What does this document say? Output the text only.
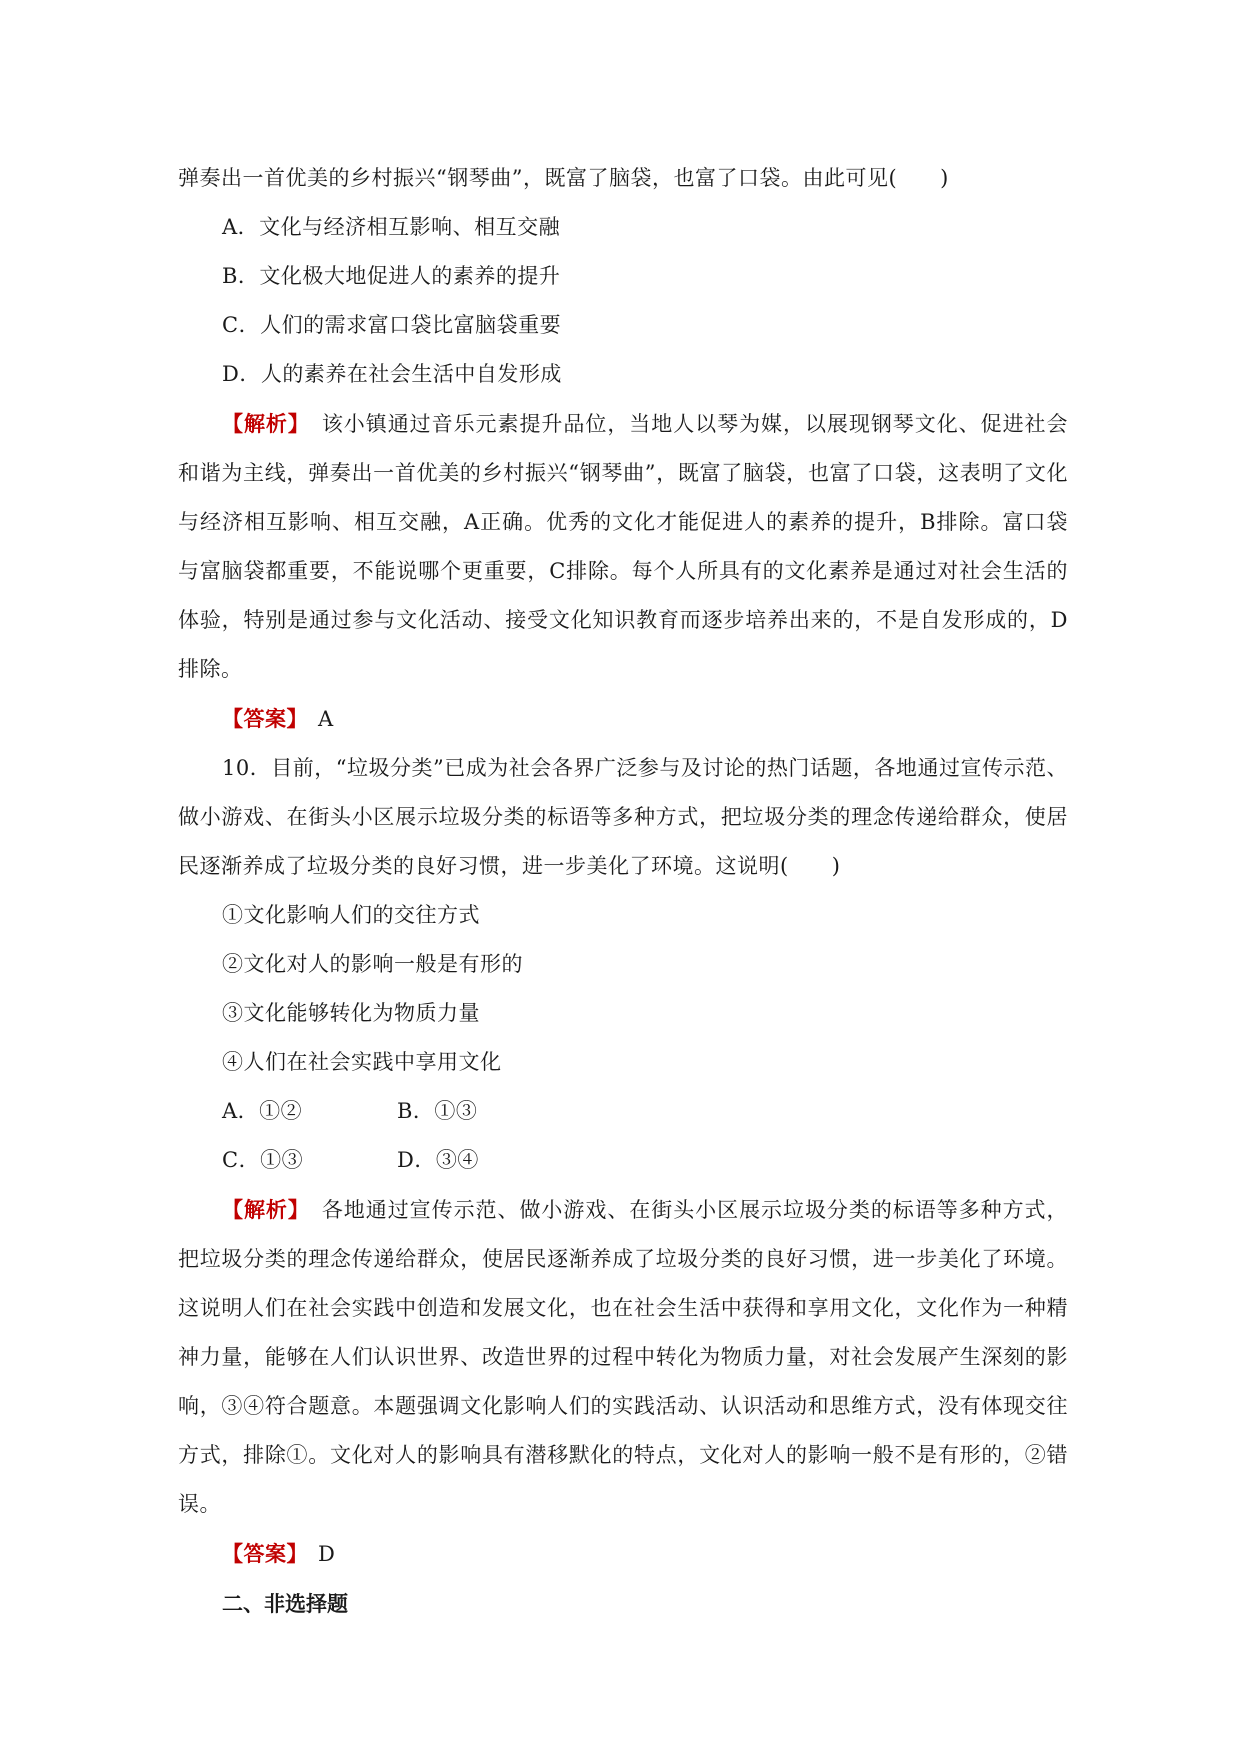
弹奏出一首优美的乡村振兴“钢琴曲”，既富了脑袋，也富了口袋。由此可见(　　)
A．文化与经济相互影响、相互交融
B．文化极大地促进人的素养的提升
C．人们的需求富口袋比富脑袋重要
D．人的素养在社会生活中自发形成
【解析】 该小镇通过音乐元素提升品位，当地人以琴为媒，以展现钢琴文化、促进社会和谐为主线，弹奏出一首优美的乡村振兴“钢琴曲”，既富了脑袋，也富了口袋，这表明了文化与经济相互影响、相互交融，A正确。优秀的文化才能促进人的素养的提升，B排除。富口袋与富脑袋都重要，不能说哪个更重要，C排除。每个人所具有的文化素养是通过对社会生活的体验，特别是通过参与文化活动、接受文化知识教育而逐步培养出来的，不是自发形成的，D排除。
【答案】 A
10．目前，“垃圾分类”已成为社会各界广泛参与及讨论的热门话题，各地通过宣传示范、做小游戏、在街头小区展示垃圾分类的标语等多种方式，把垃圾分类的理念传递给群众，使居民逐渐养成了垃圾分类的良好习惯，进一步美化了环境。这说明(　　)
①文化影响人们的交往方式
②文化对人的影响一般是有形的
③文化能够转化为物质力量
④人们在社会实践中享用文化
A．①②	B．①③
C．①③	D．③④
【解析】 各地通过宣传示范、做小游戏、在街头小区展示垃圾分类的标语等多种方式，把垃圾分类的理念传递给群众，使居民逐渐养成了垃圾分类的良好习惯，进一步美化了环境。这说明人们在社会实践中创造和发展文化，也在社会生活中获得和享用文化，文化作为一种精神力量，能够在人们认识世界、改造世界的过程中转化为物质力量，对社会发展产生深刻的影响，③④符合题意。本题强调文化影响人们的实践活动、认识活动和思维方式，没有体现交往方式，排除①。文化对人的影响具有潜移默化的特点，文化对人的影响一般不是有形的，②错误。
【答案】 D
二、非选择题
